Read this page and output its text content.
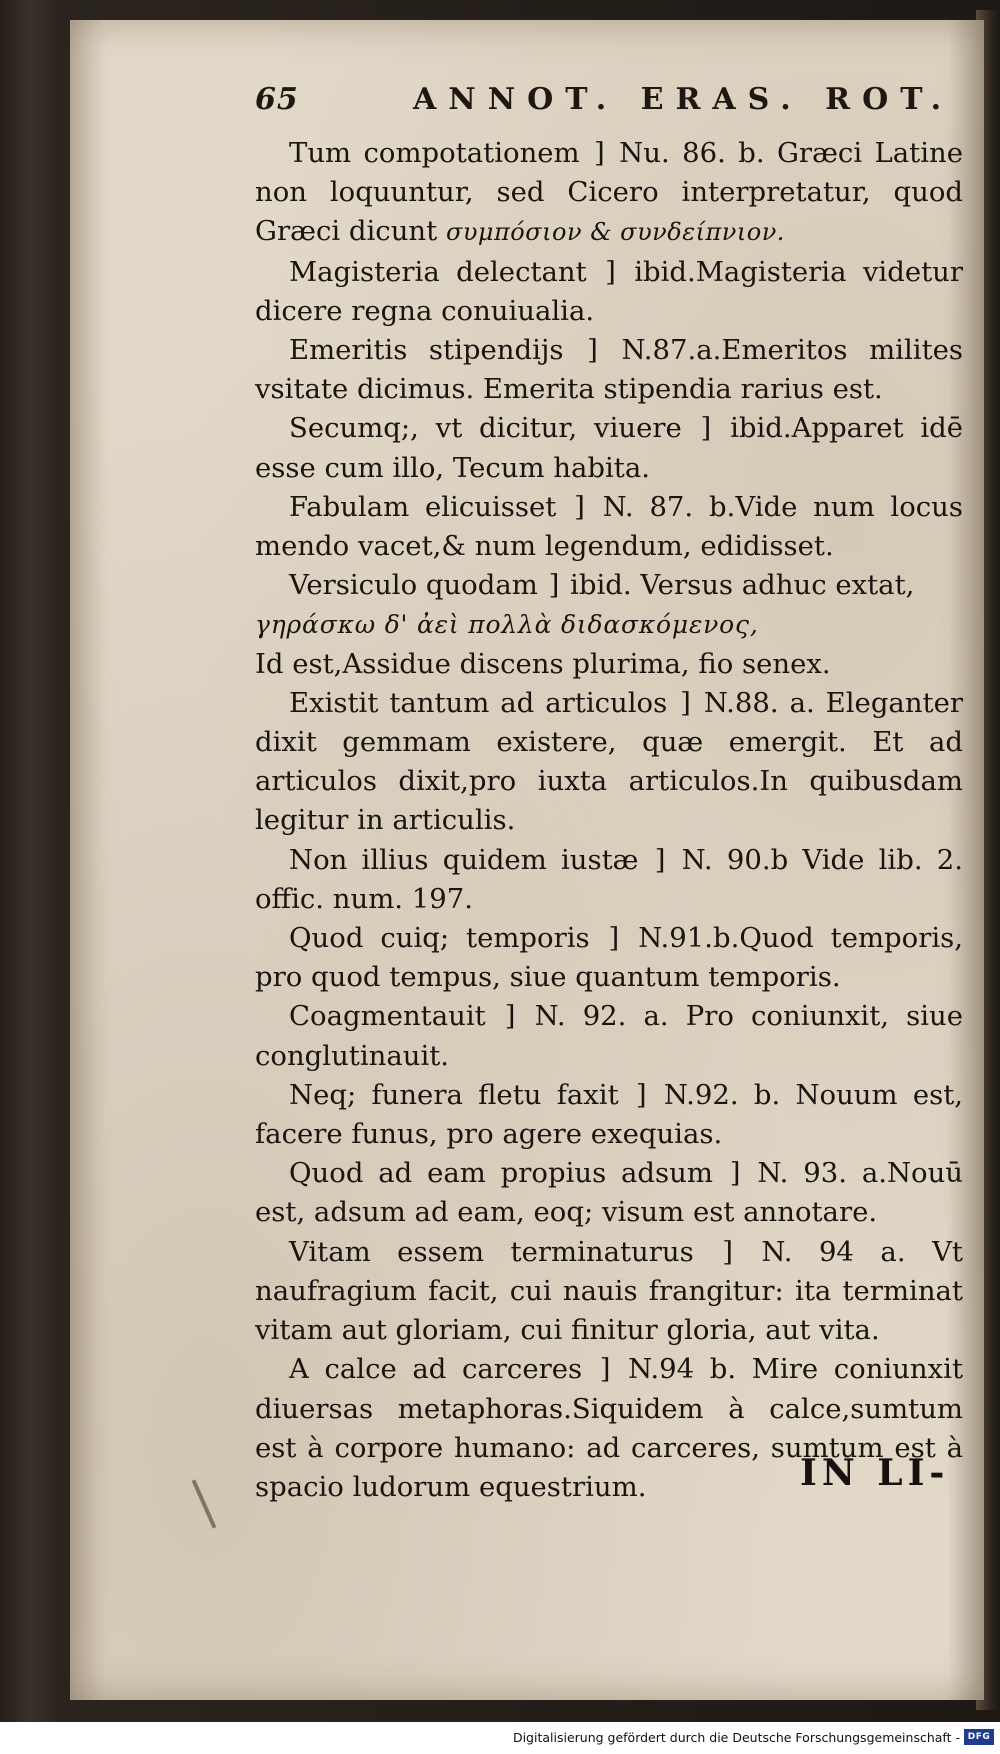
65	ANNOT. ERAS. ROT.

Tum compotationem ] Nu. 86. b. Græci Latine non loquuntur, sed Cicero interpretatur, quod Græci dicunt συμπόσιον & συνδείπνιον.

Magisteria delectant ] ibid.Magisteria videtur dicere regna conuiualia.

Emeritis stipendijs ] N.87.a.Emeritos milites vsitate dicimus. Emerita stipendia rarius est.

Secumq;, vt dicitur, viuere ] ibid.Apparet idē esse cum illo, Tecum habita.

Fabulam elicuisset ] N. 87. b.Vide num locus mendo vacet,& num legendum, edidisset.

Versiculo quodam ] ibid. Versus adhuc extat,

γηράσκω δ' ἀεὶ πολλὰ διδασκόμενος,

Id est,Assidue discens plurima, fio senex.

Existit tantum ad articulos ] N.88. a. Eleganter dixit gemmam existere, quæ emergit. Et ad articulos dixit,pro iuxta articulos.In quibusdam legitur in articulis.

Non illius quidem iustæ ] N. 90.b Vide lib. 2. offic. num. 197.

Quod cuiq; temporis ] N.91.b.Quod temporis, pro quod tempus, siue quantum temporis.

Coagmentauit ] N. 92. a. Pro coniunxit, siue conglutinauit.

Neq; funera fletu faxit ] N.92. b. Nouum est, facere funus, pro agere exequias.

Quod ad eam propius adsum ] N. 93. a.Nouū est, adsum ad eam, eoq; visum est annotare.

Vitam essem terminaturus ] N. 94 a. Vt naufragium facit, cui nauis frangitur: ita terminat vitam aut gloriam, cui finitur gloria, aut vita.

A calce ad carceres ] N.94 b. Mire coniunxit diuersas metaphoras.Siquidem à calce,sumtum est à corpore humano: ad carceres, sumtum est à spacio ludorum equestrium.	IN LI-
Digitalisierung gefördert durch die Deutsche Forschungsgemeinschaft - DFG
